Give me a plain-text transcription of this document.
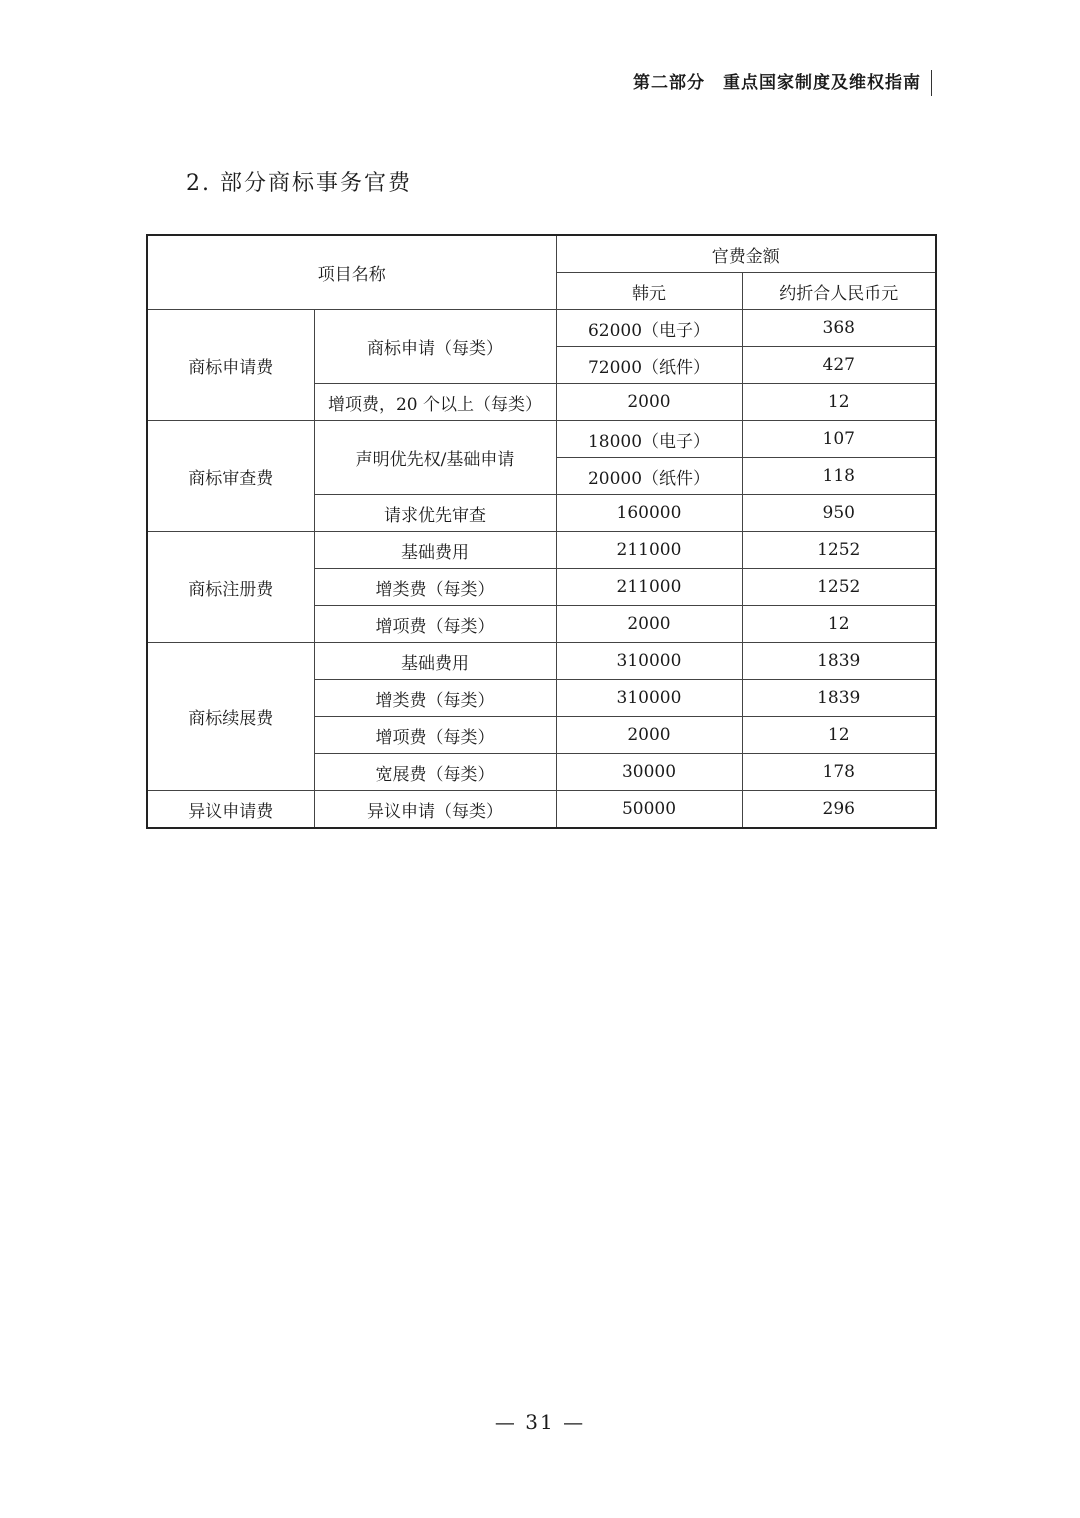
第二部分 重点国家制度及维权指南
2. 部分商标事务官费
项目名称		官费金额	
		韩元	约折合人民币元
商标申请费	商标申请（每类）	62000（电子）	368
		72000（纸件）	427
	增项费，20 个以上（每类）	2000	12
商标审查费	声明优先权/基础申请	18000（电子）	107
		20000（纸件）	118
	请求优先审查	160000	950
商标注册费	基础费用	211000	1252
	增类费（每类）	211000	1252
	增项费（每类）	2000	12
商标续展费	基础费用	310000	1839
	增类费（每类）	310000	1839
	增项费（每类）	2000	12
	宽展费（每类）	30000	178
异议申请费	异议申请（每类）	50000	296
— 31 —
